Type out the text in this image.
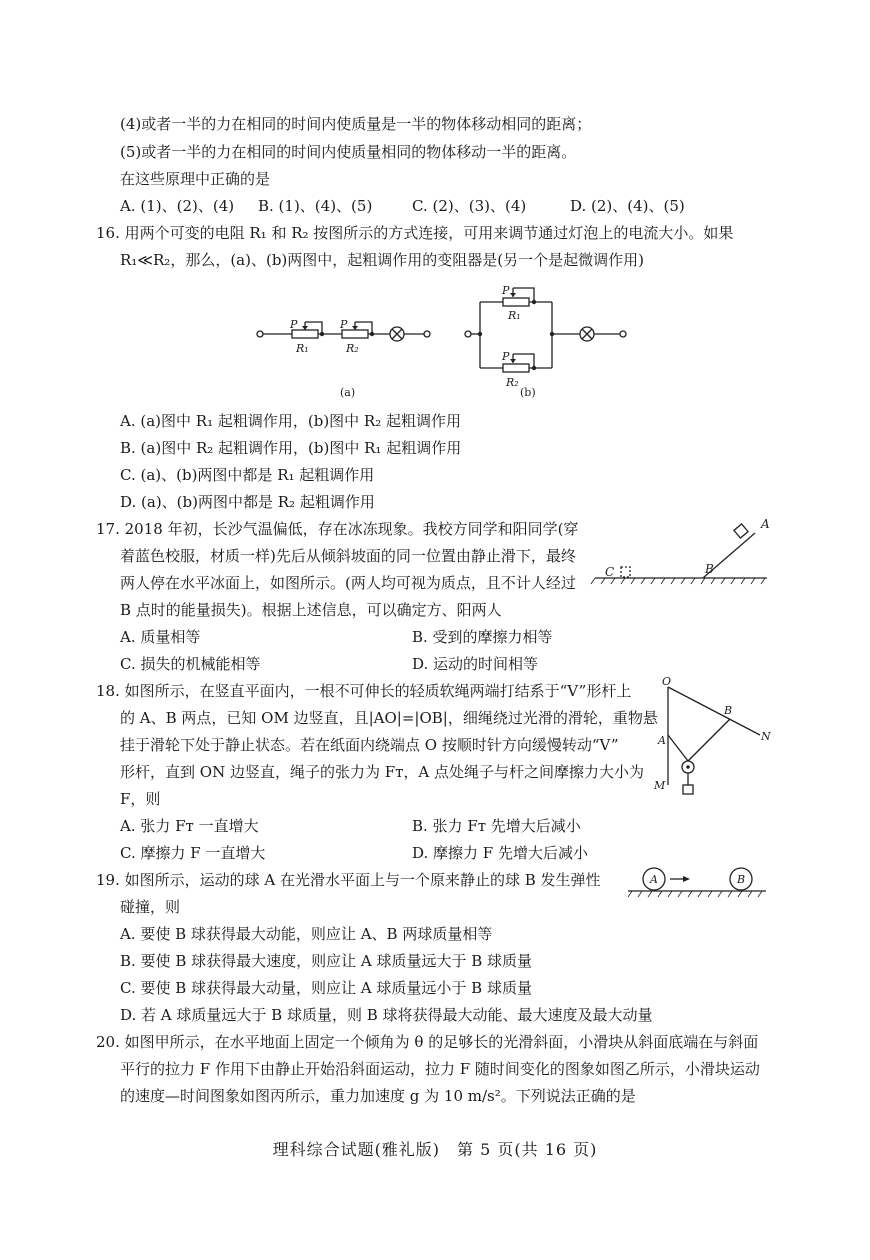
(4)或者一半的力在相同的时间内使质量是一半的物体移动相同的距离；
(5)或者一半的力在相同的时间内使质量相同的物体移动一半的距离。
在这些原理中正确的是
A. (1)、(2)、(4) B. (1)、(4)、(5)	C. (2)、(3)、(4)	D. (2)、(4)、(5)
16. 用两个可变的电阻 R₁ 和 R₂ 按图所示的方式连接，可用来调节通过灯泡上的电流大小。如果
R₁≪R₂，那么，(a)、(b)两图中，起粗调作用的变阻器是(另一个是起微调作用)
P	P
R₁	R₂
P
P
R₁
R₂
(a)	(b)
A. (a)图中 R₁ 起粗调作用，(b)图中 R₂ 起粗调作用
B. (a)图中 R₂ 起粗调作用，(b)图中 R₁ 起粗调作用
C. (a)、(b)两图中都是 R₁ 起粗调作用
D. (a)、(b)两图中都是 R₂ 起粗调作用
17. 2018 年初，长沙气温偏低，存在冰冻现象。我校方同学和阳同学(穿
着蓝色校服，材质一样)先后从倾斜坡面的同一位置由静止滑下，最终
两人停在水平冰面上，如图所示。(两人均可视为质点，且不计人经过
B 点时的能量损失)。根据上述信息，可以确定方、阳两人
A
B
C
A. 质量相等	B. 受到的摩擦力相等
C. 损失的机械能相等	D. 运动的时间相等
18. 如图所示，在竖直平面内，一根不可伸长的轻质软绳两端打结系于“V”形杆上
的 A、B 两点，已知 OM 边竖直，且|AO|=|OB|，细绳绕过光滑的滑轮，重物悬
挂于滑轮下处于静止状态。若在纸面内绕端点 O 按顺时针方向缓慢转动“V”
形杆，直到 ON 边竖直，绳子的张力为 Fᴛ，A 点处绳子与杆之间摩擦力大小为
F，则
O
A
B
N
M
A. 张力 Fᴛ 一直增大	B. 张力 Fᴛ 先增大后减小
C. 摩擦力 F 一直增大	D. 摩擦力 F 先增大后减小
19. 如图所示，运动的球 A 在光滑水平面上与一个原来静止的球 B 发生弹性
碰撞，则
A	B
A. 要使 B 球获得最大动能，则应让 A、B 两球质量相等
B. 要使 B 球获得最大速度，则应让 A 球质量远大于 B 球质量
C. 要使 B 球获得最大动量，则应让 A 球质量远小于 B 球质量
D. 若 A 球质量远大于 B 球质量，则 B 球将获得最大动能、最大速度及最大动量
20. 如图甲所示，在水平地面上固定一个倾角为 θ 的足够长的光滑斜面，小滑块从斜面底端在与斜面
平行的拉力 F 作用下由静止开始沿斜面运动，拉力 F 随时间变化的图象如图乙所示，小滑块运动
的速度—时间图象如图丙所示，重力加速度 g 为 10 m/s²。下列说法正确的是
理科综合试题(雅礼版)　第 5 页(共 16 页)
